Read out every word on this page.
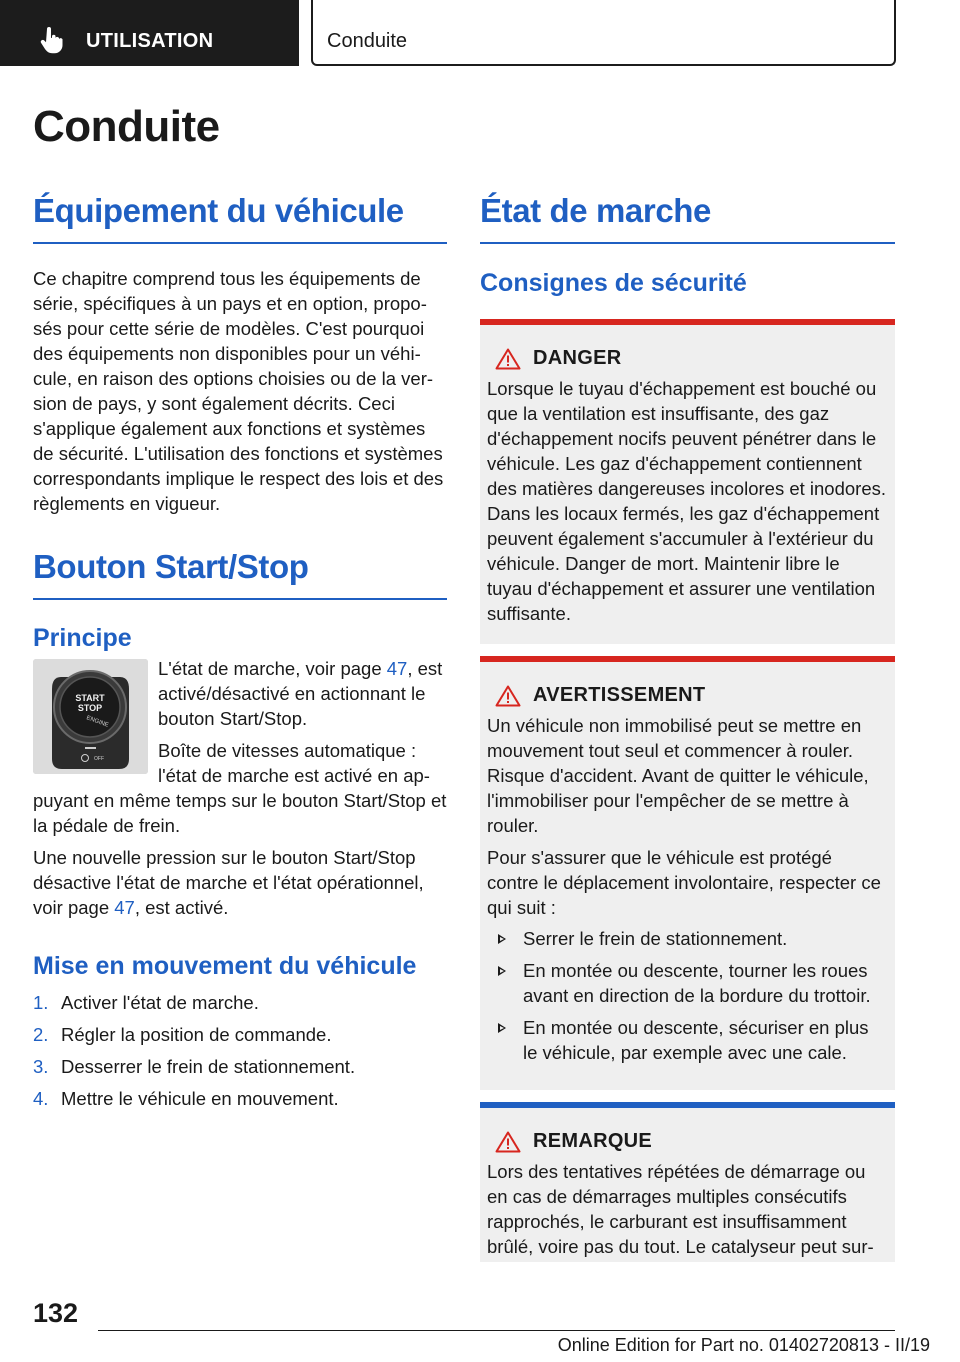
UTILISATION	Conduite
Conduite
Équipement du véhicule

Ce chapitre comprend tous les équipements de série, spécifiques à un pays et en option, proposés pour cette série de modèles. C'est pourquoi des équipements non disponibles pour un véhicule, en raison des options choisies ou de la version de pays, y sont également décrits. Ceci s'applique également aux fonctions et systèmes de sécurité. L'utilisation des fonctions et systèmes correspondants implique le respect des lois et des règlements en vigueur.

Bouton Start/Stop
Principe
START
STOP
ENGINE
OFF

L'état de marche, voir page 47, est activé/désactivé en actionnant le bouton Start/Stop.

Boîte de vitesses automatique : l'état de marche est activé en appuyant en même temps sur le bouton Start/Stop et la pédale de frein.

Une nouvelle pression sur le bouton Start/Stop désactive l'état de marche et l'état opérationnel, voir page 47, est activé.

Mise en mouvement du véhicule
1. Activer l'état de marche.
2. Régler la position de commande.
3. Desserrer le frein de stationnement.
4. Mettre le véhicule en mouvement.
État de marche
Consignes de sécurité
DANGER

Lorsque le tuyau d'échappement est bouché ou que la ventilation est insuffisante, des gaz d'échappement nocifs peuvent pénétrer dans le véhicule. Les gaz d'échappement contiennent des matières dangereuses incolores et inodores. Dans les locaux fermés, les gaz d'échappement peuvent également s'accumuler à l'extérieur du véhicule. Danger de mort. Maintenir libre le tuyau d'échappement et assurer une ventilation suffisante.

AVERTISSEMENT

Un véhicule non immobilisé peut se mettre en mouvement tout seul et commencer à rouler. Risque d'accident. Avant de quitter le véhicule, l'immobiliser pour l'empêcher de se mettre à rouler.

Pour s'assurer que le véhicule est protégé contre le déplacement involontaire, respecter ce qui suit :

Serrer le frein de stationnement.
En montée ou descente, tourner les roues avant en direction de la bordure du trottoir.
En montée ou descente, sécuriser en plus le véhicule, par exemple avec une cale.
REMARQUE

Lors des tentatives répétées de démarrage ou en cas de démarrages multiples consécutifs rapprochés, le carburant est insuffisamment brûlé, voire pas du tout. Le catalyseur peut sur-

132
Online Edition for Part no. 01402720813 - II/19
